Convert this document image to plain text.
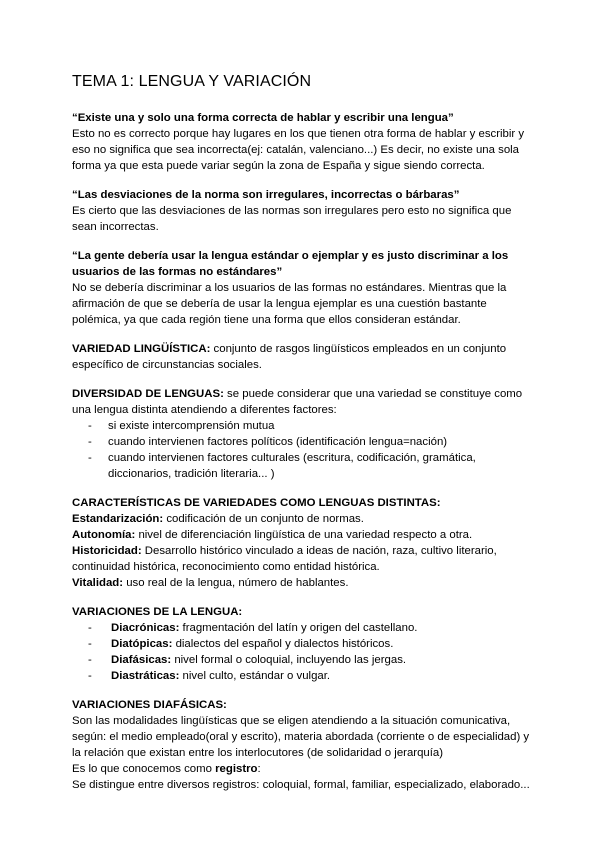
TEMA 1: LENGUA Y VARIACIÓN
“Existe una y solo una forma correcta de hablar y escribir una lengua”
Esto no es correcto porque hay lugares en los que tienen otra forma de hablar y escribir y eso no significa que sea incorrecta(ej: catalán, valenciano...) Es decir, no existe una sola forma ya que esta puede variar según la zona de España y sigue siendo correcta.
“Las desviaciones de la norma son irregulares, incorrectas o bárbaras”
Es cierto que las desviaciones de las normas son irregulares pero esto no significa que sean incorrectas.
“La gente debería usar la lengua estándar o ejemplar y es justo discriminar a los usuarios de las formas no estándares”
No se debería discriminar a los usuarios de las formas no estándares. Mientras que la afirmación de que se debería de usar la lengua ejemplar es una cuestión bastante polémica, ya que cada región tiene una forma que ellos consideran estándar.
VARIEDAD LINGÜÍSTICA: conjunto de rasgos lingüísticos empleados en un conjunto específico de circunstancias sociales.
DIVERSIDAD DE LENGUAS: se puede considerar que una variedad se constituye como una lengua distinta atendiendo a diferentes factores:
- si existe intercomprensión mutua
- cuando intervienen factores políticos (identificación lengua=nación)
- cuando intervienen factores culturales (escritura, codificación, gramática, diccionarios, tradición literaria... )
CARACTERÍSTICAS DE VARIEDADES COMO LENGUAS DISTINTAS:
Estandarización: codificación de un conjunto de normas.
Autonomía: nivel de diferenciación lingüística de una variedad respecto a otra.
Historicidad: Desarrollo histórico vinculado a ideas de nación, raza, cultivo literario, continuidad histórica, reconocimiento como entidad histórica.
Vitalidad: uso real de la lengua, número de hablantes.
VARIACIONES DE LA LENGUA:
- Diacrónicas: fragmentación del latín y origen del castellano.
- Diatópicas: dialectos del español y dialectos históricos.
- Diafásicas: nivel formal o coloquial, incluyendo las jergas.
- Diastráticas: nivel culto, estándar o vulgar.
VARIACIONES DIAFÁSICAS:
Son las modalidades lingüísticas que se eligen atendiendo a la situación comunicativa, según: el medio empleado(oral y escrito), materia abordada (corriente o de especialidad) y la relación que existan entre los interlocutores (de solidaridad o jerarquía)
Es lo que conocemos como registro:
Se distingue entre diversos registros: coloquial, formal, familiar, especializado, elaborado...
